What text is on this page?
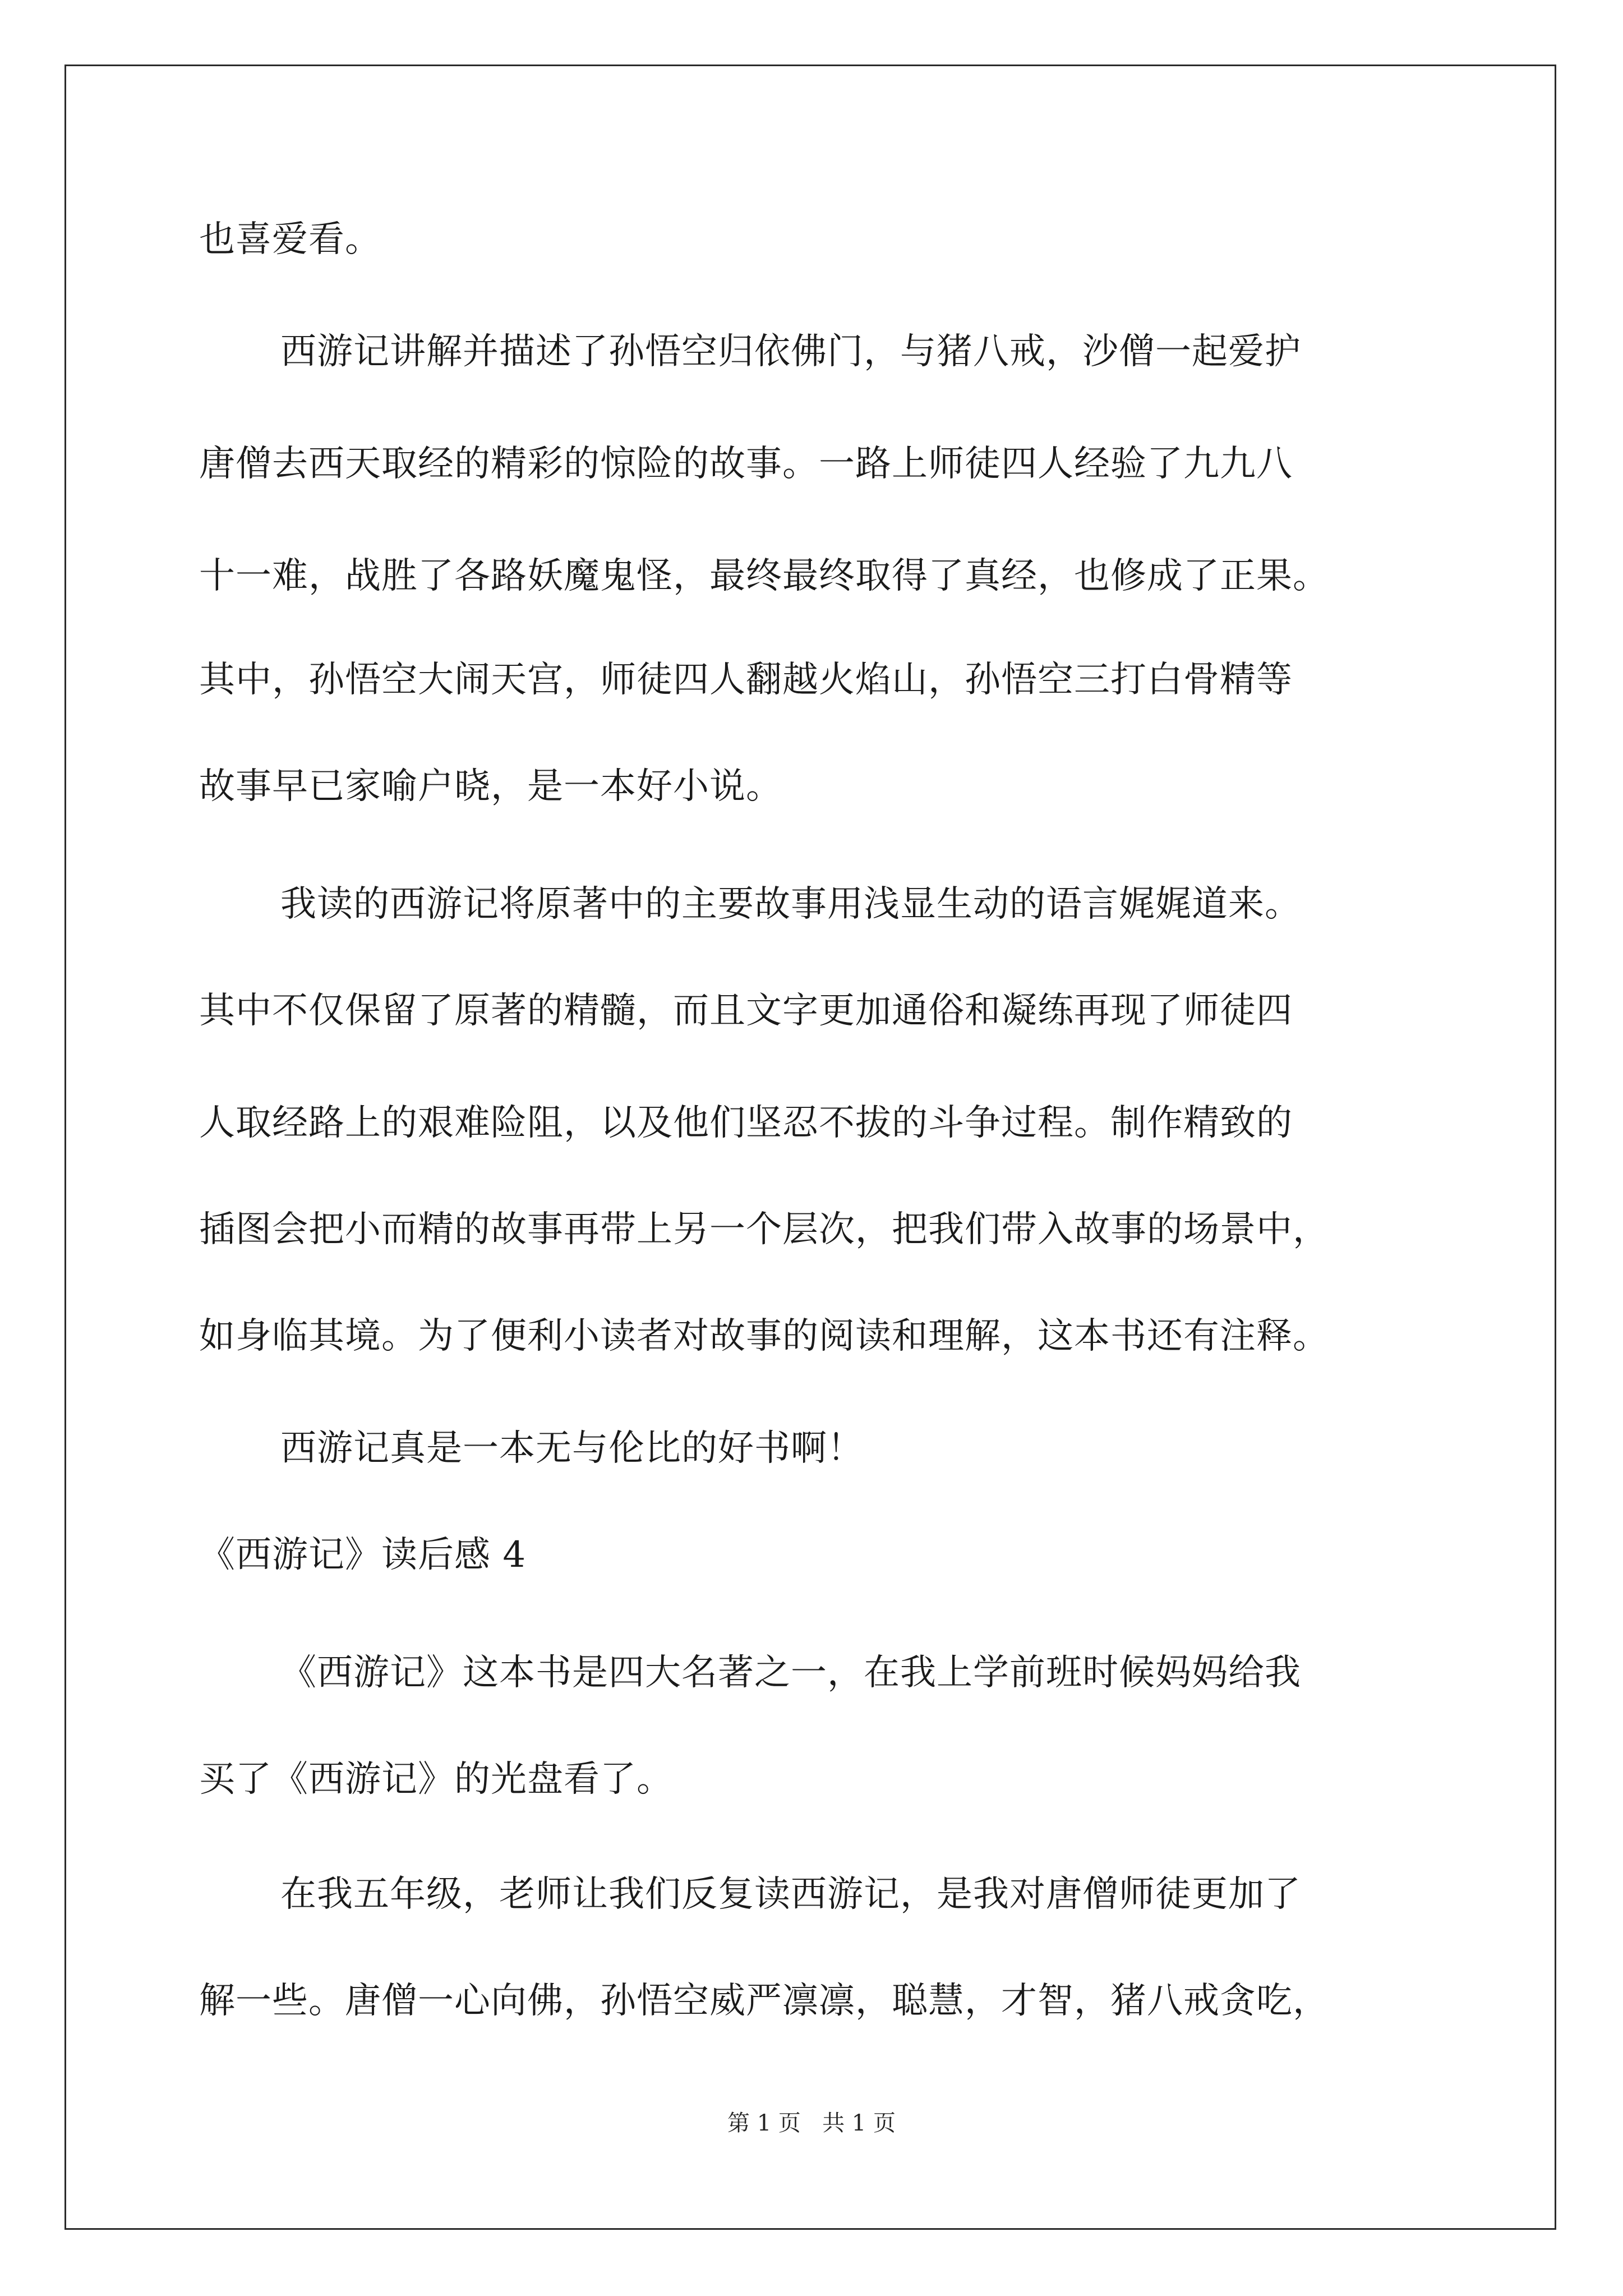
也喜爱看。
西游记讲解并描述了孙悟空归依佛门，与猪八戒，沙僧一起爱护
唐僧去西天取经的精彩的惊险的故事。一路上师徒四人经验了九九八
十一难，战胜了各路妖魔鬼怪，最终最终取得了真经，也修成了正果。
其中，孙悟空大闹天宫，师徒四人翻越火焰山，孙悟空三打白骨精等
故事早已家喻户晓，是一本好小说。
我读的西游记将原著中的主要故事用浅显生动的语言娓娓道来。
其中不仅保留了原著的精髓，而且文字更加通俗和凝练再现了师徒四
人取经路上的艰难险阻，以及他们坚忍不拔的斗争过程。制作精致的
插图会把小而精的故事再带上另一个层次，把我们带入故事的场景中，
如身临其境。为了便利小读者对故事的阅读和理解，这本书还有注释。
西游记真是一本无与伦比的好书啊！
《西游记》读后感 4
《西游记》这本书是四大名著之一，在我上学前班时候妈妈给我
买了《西游记》的光盘看了。
在我五年级，老师让我们反复读西游记，是我对唐僧师徒更加了
解一些。唐僧一心向佛，孙悟空威严凛凛，聪慧，才智，猪八戒贪吃，
第 1 页   共 1 页
